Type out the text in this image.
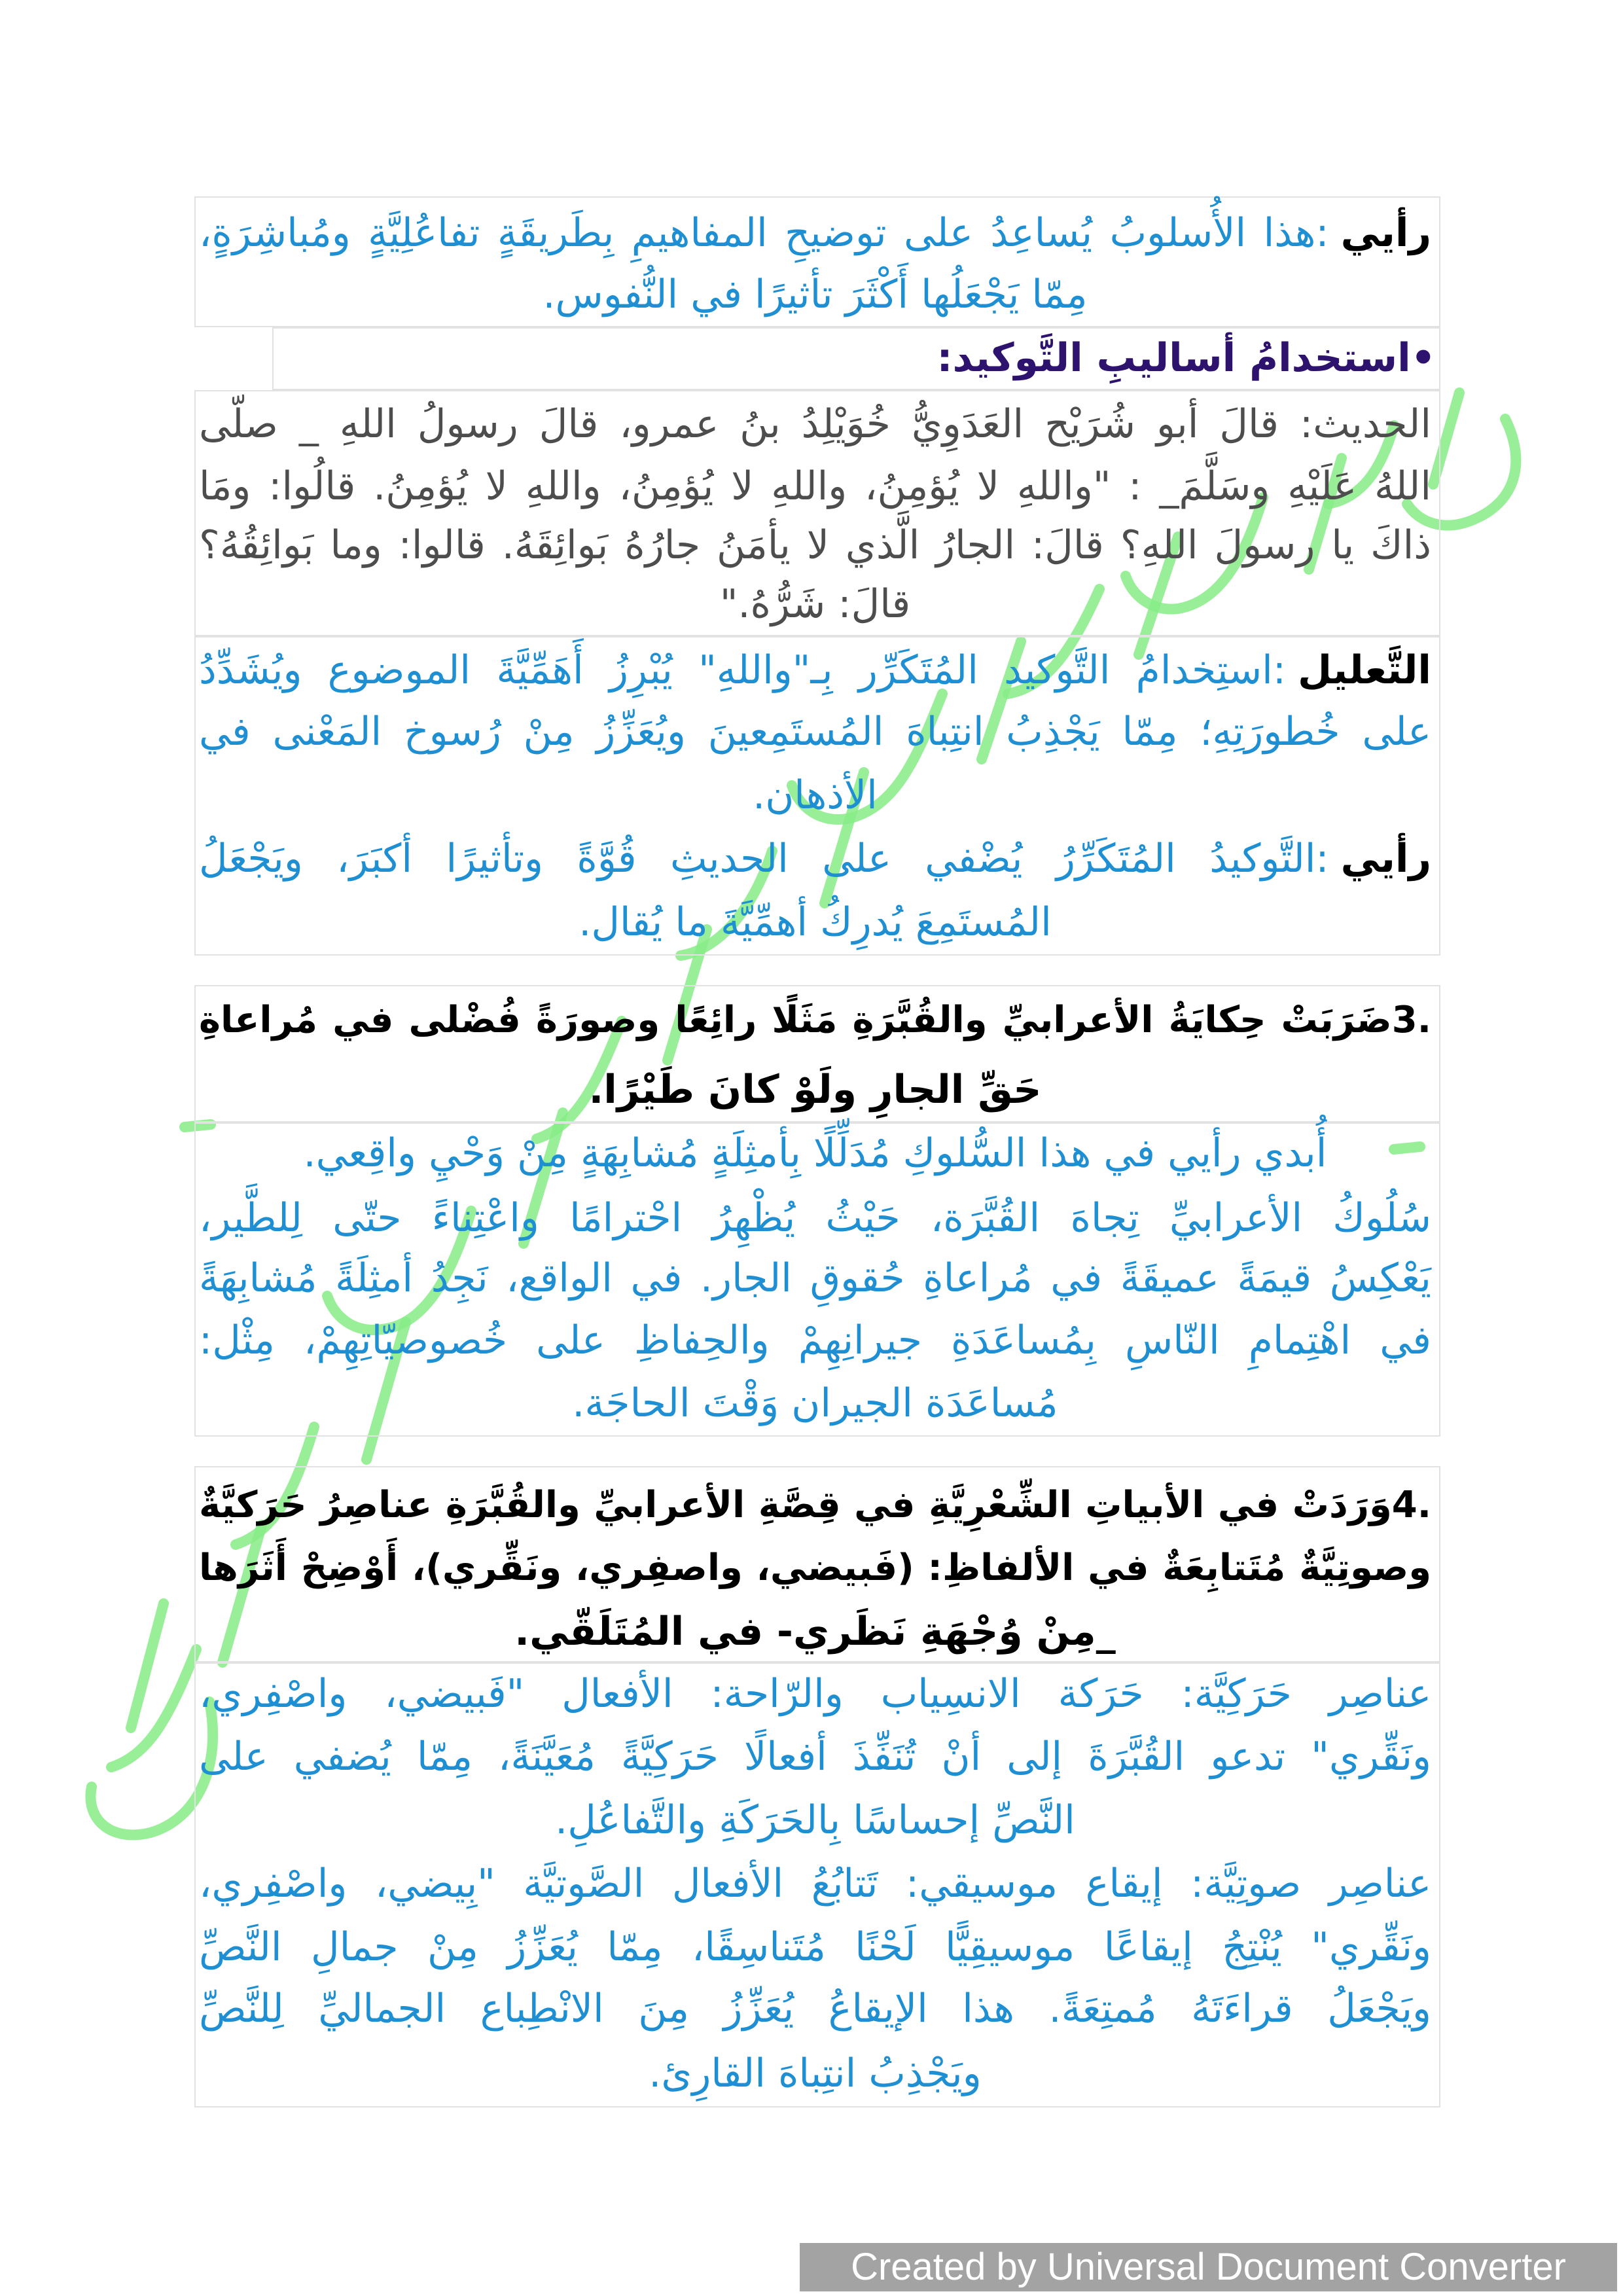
رأيي:هذا الأُسلوبُ يُساعِدُ على توضيحِ المفاهيمِ بِطَريقَةٍ تفاعُلِيَّةٍ ومُباشِرَةٍ،
مِمّا يَجْعَلُها أَكْثَرَ تأثيرًا في النُّفوس.
•استخدامُ أساليبِ التَّوكيد:
الحديث: قالَ أبو شُرَيْح العَدَوِيُّ خُوَيْلِدُ بنُ عمرو، قالَ رسولُ اللهِ _ صلّى
اللهُ عَلَيْهِ وسَلَّمَ_ : "واللهِ لا يُؤمِنُ، واللهِ لا يُؤمِنُ، واللهِ لا يُؤمِنُ. قالُوا: ومَا
ذاكَ يا رسولَ اللهِ؟ قالَ: الجارُ الَّذي لا يأمَنُ جارُهُ بَوائِقَهُ. قالوا: وما بَوائِقُهُ؟
قالَ: شَرُّهُ."
التَّعليل:استِخدامُ التَّوكيد المُتَكَرِّر بِـ"واللهِ" يُبْرِزُ أَهَمِّيَّةَ الموضوع ويُشَدِّدُ
على خُطورَتِهِ؛ مِمّا يَجْذِبُ انتِباهَ المُستَمِعينَ ويُعَزِّزُ مِنْ رُسوخ المَعْنى في
الأذهان.
رأيي:التَّوكيدُ المُتَكَرِّرُ يُضْفي على الحديثِ قُوَّةً وتأثيرًا أكبَرَ، ويَجْعَلُ
المُستَمِعَ يُدرِكُ أهمِّيَّةَ ما يُقال.
.3ضَرَبَتْ حِكايَةُ الأعرابيِّ والقُبَّرَةِ مَثَلًا رائِعًا وصورَةً فُضْلى في مُراعاةِ
حَقِّ الجارِ ولَوْ كانَ طَيْرًا.
أُبدي رأيي في هذا السُّلوكِ مُدَلِّلًا بِأمثِلَةٍ مُشابِهَةٍ مِنْ وَحْيِ واقِعي.
سُلُوكُ الأعرابيِّ تِجاهَ القُبَّرَة، حَيْثُ يُظْهِرُ احْترامًا واعْتِناءً حتّى لِلطَّير،
يَعْكِسُ قيمَةً عميقَةً في مُراعاةِ حُقوقِ الجار. في الواقع، نَجِدُ أمثِلَةً مُشابِهَةً
في اهْتِمامِ النّاسِ بِمُساعَدَةِ جيرانِهِمْ والحِفاظِ على خُصوصيّاتِهِمْ، مِثْل:
مُساعَدَة الجيران وَقْتَ الحاجَة.
.4وَرَدَتْ في الأبياتِ الشِّعْرِيَّةِ في قِصَّةِ الأعرابيِّ والقُبَّرَةِ عناصِرُ حَرَكيَّةٌ
وصوتِيَّةٌ مُتَتابِعَةٌ في الألفاظِ: (فَبيضي، واصفِري، ونَقِّري)، أَوْضِحْ أَثَرَها
_مِنْ وُجْهَةِ نَظَري- في المُتَلَقّي.
عناصِر حَرَكِيَّة: حَرَكة الانسِياب والرّاحة: الأفعال "فَبيضي، واصْفِري،
ونَقِّري" تدعو القُبَّرَةَ إلى أنْ تُنَفِّذَ أفعالًا حَرَكِيَّةً مُعَيَّنَةً، مِمّا يُضفي على
النَّصِّ إحساسًا بِالحَرَكَةِ والتَّفاعُلِ.
عناصِر صوتِيَّة: إيقاع موسيقي: تَتابُعُ الأفعال الصَّوتيَّة "بِيضي، واصْفِري،
ونَقِّري" يُنْتِجُ إيقاعًا موسيقِيًّا لَحْنًا مُتَناسِقًا، مِمّا يُعَزِّزُ مِنْ جمالِ النَّصِّ
ويَجْعَلُ قراءَتَهُ مُمتِعَةً. هذا الإيقاعُ يُعَزِّزُ مِنَ الانْطِباع الجماليِّ لِلنَّصِّ
ويَجْذِبُ انتِباهَ القارِئ.
Created by Universal Document Converter
